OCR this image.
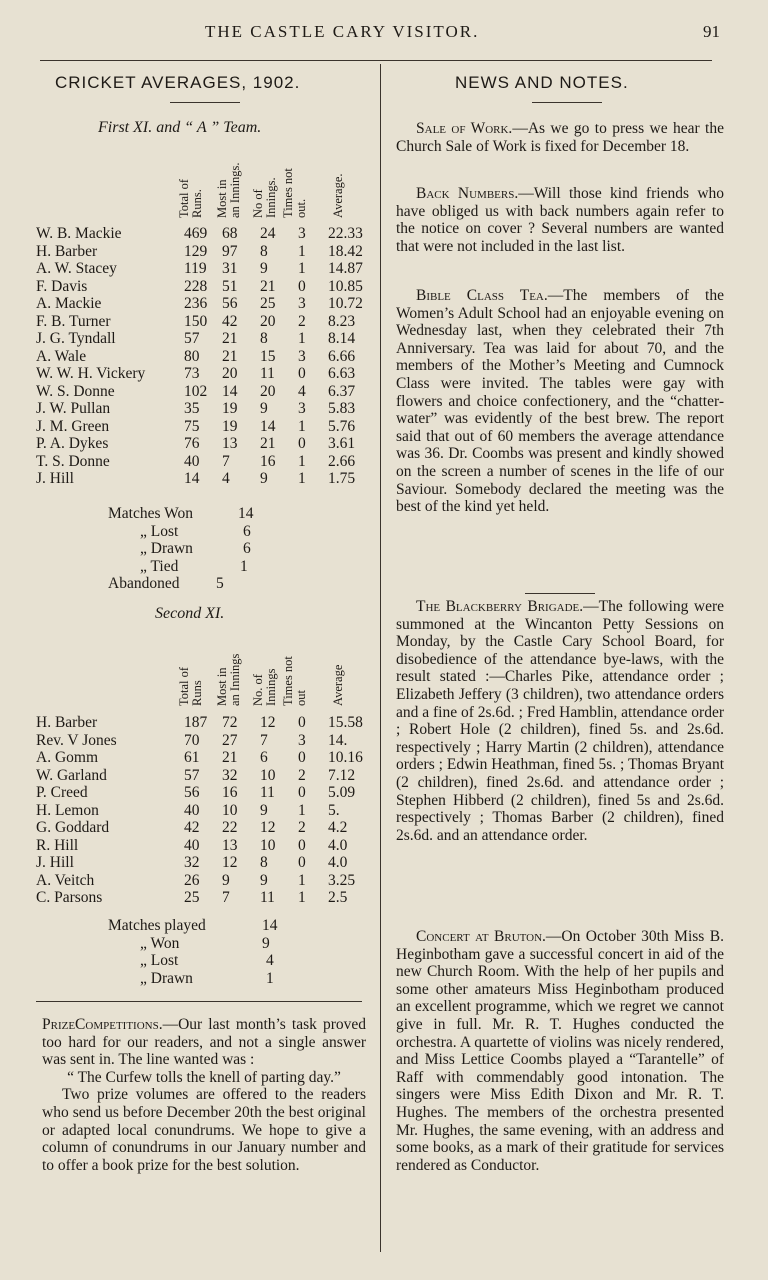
THE CASTLE CARY VISITOR.	91
CRICKET AVERAGES, 1902.
First XI. and “ A ” Team.
Total of Runs. Most in an Innings. No of Innings. Times not out. Average.
W. B. Mackie	469 68 24 3 22.33
H. Barber	129 97 8 1 18.42
A. W. Stacey	119 31 9 1 14.87
F. Davis	228 51 21 0 10.85
A. Mackie	236 56 25 3 10.72
F. B. Turner	150 42 20 2 8.23
J. G. Tyndall	57 21 8 1 8.14
A. Wale	80 21 15 3 6.66
W. W. H. Vickery 73 20 11 0 6.63
W. S. Donne	102 14 20 4 6.37
J. W. Pullan	35 19 9 3 5.83
J. M. Green	75 19 14 1 5.76
P. A. Dykes	76 13 21 0 3.61
T. S. Donne	40 7 16 1 2.66
J. Hill	14 4 9 1 1.75
Matches Won	14
„ Lost	6
„ Drawn	6
„ Tied	1
Abandoned 5
Second XI.
Total of Runs Most in an Innings No. of Innings Times not out Average
H. Barber	187 72 12 0 15.58
Rev. V Jones	70 27 7 3 14.
A. Gomm	61 21 6 0 10.16
W. Garland	57 32 10 2 7.12
P. Creed	56 16 11 0 5.09
H. Lemon	40 10 9 1 5.
G. Goddard	42 22 12 2 4.2
R. Hill	40 13 10 0 4.0
J. Hill	32 12 8 0 4.0
A. Veitch	26 9 9 1 3.25
C. Parsons	25 7 11 1 2.5
Matches played	14
„ Won	9
„ Lost	4
„ Drawn	1

PrizeCompetitions.—Our last month’s task proved too hard for our readers, and not a single answer was sent in. The line wanted was :

“ The Curfew tolls the knell of parting day.”

Two prize volumes are offered to the readers who send us before December 20th the best original or adapted local conundrums. We hope to give a column of conundrums in our January number and to offer a book prize for the best solution.

NEWS AND NOTES.

Sale of Work.—As we go to press we hear the Church Sale of Work is fixed for December 18.

Back Numbers.—Will those kind friends who have obliged us with back numbers again refer to the notice on cover ? Several numbers are wanted that were not included in the last list.

Bible Class Tea.—The members of the Women’s Adult School had an enjoyable evening on Wednesday last, when they celebrated their 7th Anniversary. Tea was laid for about 70, and the members of the Mother’s Meeting and Cumnock Class were invited. The tables were gay with flowers and choice confectionery, and the “chatter-water” was evidently of the best brew. The report said that out of 60 members the average attendance was 36. Dr. Coombs was present and kindly showed on the screen a number of scenes in the life of our Saviour. Somebody declared the meeting was the best of the kind yet held.

The Blackberry Brigade.—The following were summoned at the Wincanton Petty Sessions on Monday, by the Castle Cary School Board, for disobedience of the attendance bye-laws, with the result stated :—Charles Pike, attendance order ; Elizabeth Jeffery (3 children), two attendance orders and a fine of 2s.6d. ; Fred Hamblin, attendance order ; Robert Hole (2 children), fined 5s. and 2s.6d. respectively ; Harry Martin (2 children), attendance orders ; Edwin Heathman, fined 5s. ; Thomas Bryant (2 children), fined 2s.6d. and attendance order ; Stephen Hibberd (2 children), fined 5s and 2s.6d. respectively ; Thomas Barber (2 children), fined 2s.6d. and an attendance order.

Concert at Bruton.—On October 30th Miss B. Heginbotham gave a successful concert in aid of the new Church Room. With the help of her pupils and some other amateurs Miss Heginbotham produced an excellent programme, which we regret we cannot give in full. Mr. R. T. Hughes conducted the orchestra. A quartette of violins was nicely rendered, and Miss Lettice Coombs played a “Tarantelle” of Raff with commendably good intonation. The singers were Miss Edith Dixon and Mr. R. T. Hughes. The members of the orchestra presented Mr. Hughes, the same evening, with an address and some books, as a mark of their gratitude for services rendered as Conductor.
